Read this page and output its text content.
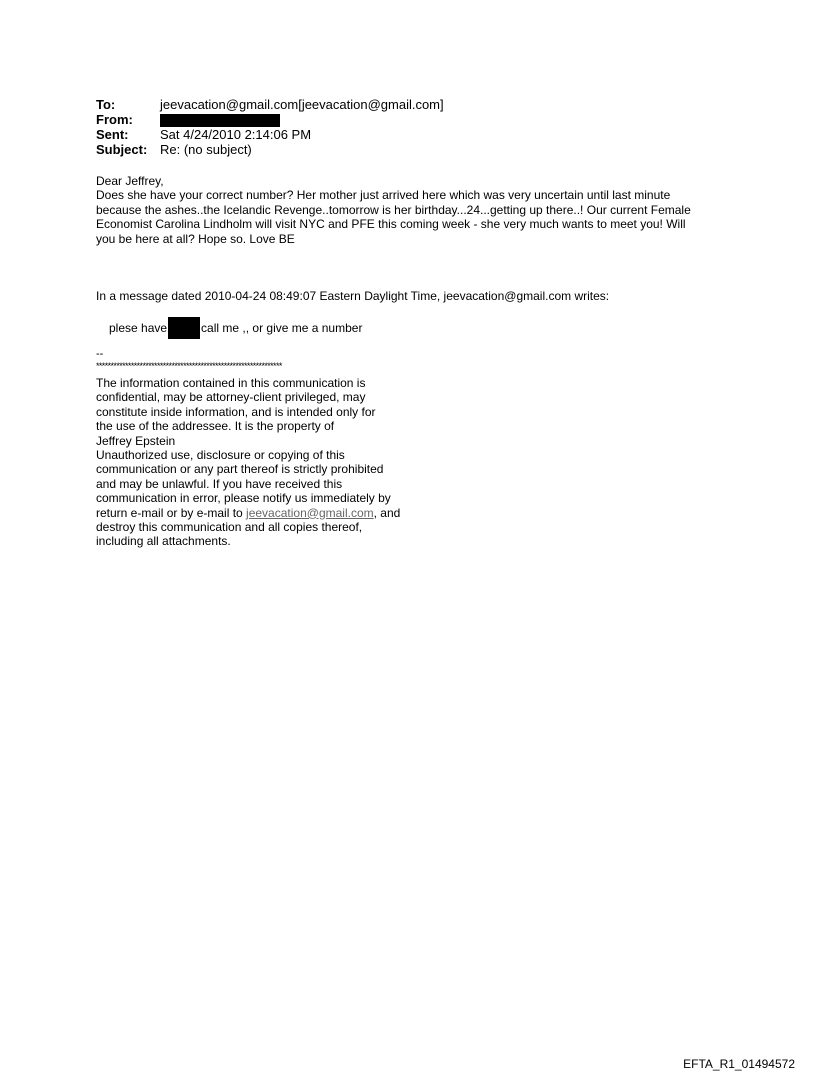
To:	jeevacation@gmail.com[jeevacation@gmail.com]
From:
Sent:	Sat 4/24/2010 2:14:06 PM
Subject: Re: (no subject)
Dear Jeffrey,
Does she have your correct number? Her mother just arrived here which was very uncertain until last minute
because the ashes..the Icelandic Revenge..tomorrow is her birthday...24...getting up there..! Our current Female
Economist Carolina Lindholm will visit NYC and PFE this coming week - she very much wants to meet you! Will
you be here at all? Hope so. Love BE
In a message dated 2010-04-24 08:49:07 Eastern Daylight Time, jeevacation@gmail.com writes:
plese have	call me ,, or give me a number
--
****************************************************************
The information contained in this communication is
confidential, may be attorney-client privileged, may
constitute inside information, and is intended only for
the use of the addressee. It is the property of
Jeffrey Epstein
Unauthorized use, disclosure or copying of this
communication or any part thereof is strictly prohibited
and may be unlawful. If you have received this
communication in error, please notify us immediately by
return e-mail or by e-mail to jeevacation@gmail.com, and
destroy this communication and all copies thereof,
including all attachments.
EFTA_R1_01494572
